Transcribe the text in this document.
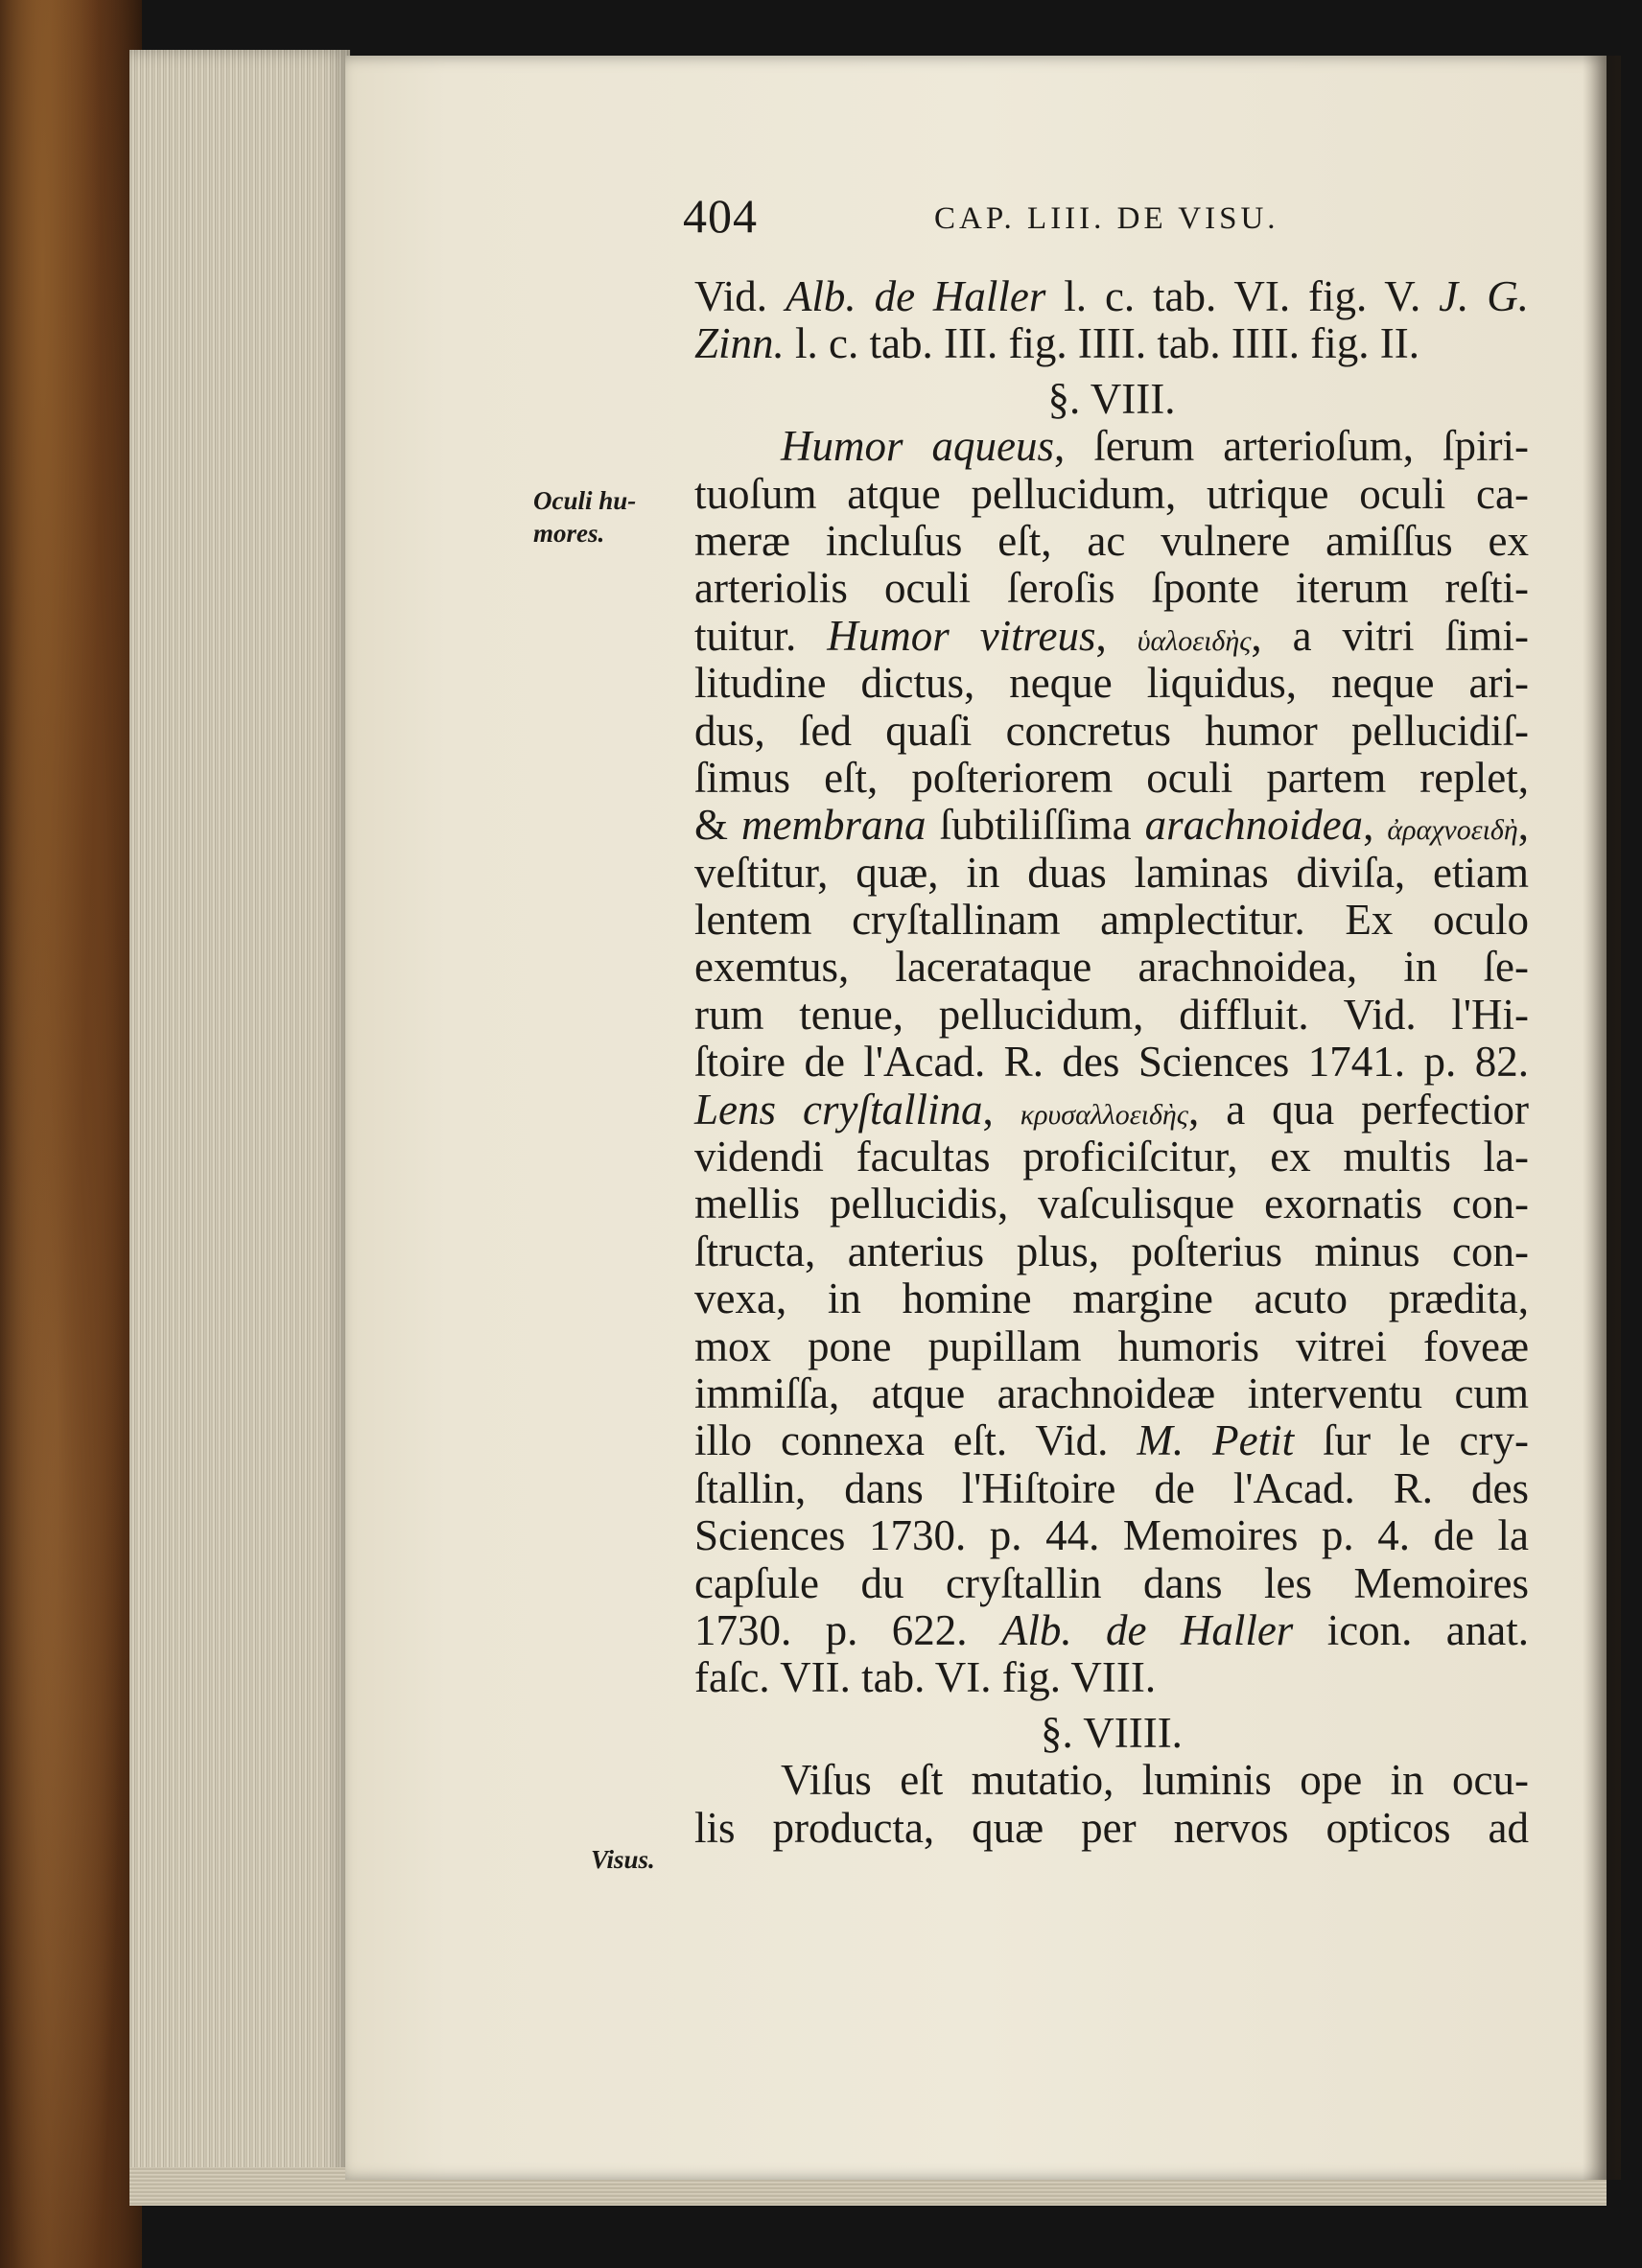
404	CAP. LIII. DE VISU.
Oculi hu-
mores.
Visus.
Vid. Alb. de Haller l. c. tab. VI. fig. V. J. G.
Zinn. l. c. tab. III. fig. IIII. tab. IIII. fig. II.
§. VIII.
Humor aqueus, ſerum arterioſum, ſpiri-
tuoſum atque pellucidum, utrique oculi ca-
meræ incluſus eſt, ac vulnere amiſſus ex
arteriolis oculi ſeroſis ſponte iterum reſti-
tuitur. Humor vitreus, ὑαλοειδὴς, a vitri ſimi-
litudine dictus, neque liquidus, neque ari-
dus, ſed quaſi concretus humor pellucidiſ-
ſimus eſt, poſteriorem oculi partem replet,
& membrana ſubtiliſſima arachnoidea, ἀραχνοειδὴ,
veſtitur, quæ, in duas laminas diviſa, etiam
lentem cryſtallinam amplectitur. Ex oculo
exemtus, lacerataque arachnoidea, in ſe-
rum tenue, pellucidum, diffluit. Vid. l'Hi-
ſtoire de l'Acad. R. des Sciences 1741. p. 82.
Lens cryſtallina, κρυσαλλοειδὴς, a qua perfectior
videndi facultas proficiſcitur, ex multis la-
mellis pellucidis, vaſculisque exornatis con-
ſtructa, anterius plus, poſterius minus con-
vexa, in homine margine acuto prædita,
mox pone pupillam humoris vitrei foveæ
immiſſa, atque arachnoideæ interventu cum
illo connexa eſt. Vid. M. Petit ſur le cry-
ſtallin, dans l'Hiſtoire de l'Acad. R. des
Sciences 1730. p. 44. Memoires p. 4. de la
capſule du cryſtallin dans les Memoires
1730. p. 622. Alb. de Haller icon. anat.
faſc. VII. tab. VI. fig. VIII.
§. VIIII.
Viſus eſt mutatio, luminis ope in ocu-
lis producta, quæ per nervos opticos ad
